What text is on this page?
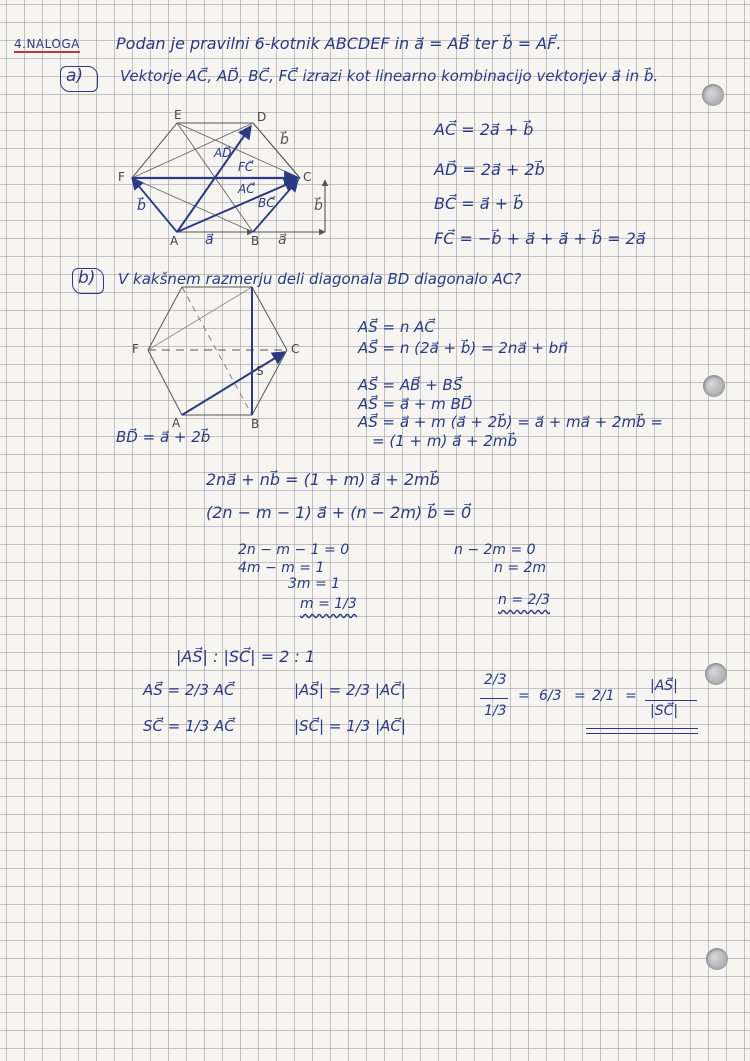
4.NALOGA Podan je pravilni 6-kotnik ABCDEF in a⃗ = AB⃗ ter b⃗ = AF⃗.
a) Vektorje AC⃗, AD⃗, BC⃗, FC⃗ izrazi kot linearno kombinacijo vektorjev a⃗ in b⃗.
A	B
C
D
E
F
a⃗	a⃗
b⃗	b⃗
b⃗
FC⃗
BC⃗
AC⃗
AD⃗
AC⃗ = 2a⃗ + b⃗
AD⃗ = 2a⃗ + 2b⃗
BC⃗ = a⃗ + b⃗
FC⃗ = −b⃗ + a⃗ + a⃗ + b⃗ = 2a⃗
b) V kakšnem razmerju deli diagonala BD diagonalo AC?
A	B
C
F
S
BD⃗ = a⃗ + 2b⃗
AS⃗ = n AC⃗
AS⃗ = n (2a⃗ + b⃗) = 2na⃗ + bn⃗
AS⃗ = AB⃗ + BS⃗
AS⃗ = a⃗ + m BD⃗
AS⃗ = a⃗ + m (a⃗ + 2b⃗) = a⃗ + ma⃗ + 2mb⃗ =
= (1 + m) a⃗ + 2mb⃗
2na⃗ + nb⃗ = (1 + m) a⃗ + 2mb⃗
(2n − m − 1) a⃗ + (n − 2m) b⃗ = 0⃗
2n − m − 1 = 0
4m − m = 1
3m = 1
m = 1/3
n − 2m = 0
n = 2m
n = 2/3
|AS⃗| : |SC⃗| = 2 : 1
AS⃗ = 2/3 AC⃗
SC⃗ = 1/3 AC⃗
|AS⃗| = 2/3 |AC⃗|
|SC⃗| = 1/3 |AC⃗|
2/3
1/3
= 6/3 = 2/1 =
|AS⃗|
|SC⃗|
